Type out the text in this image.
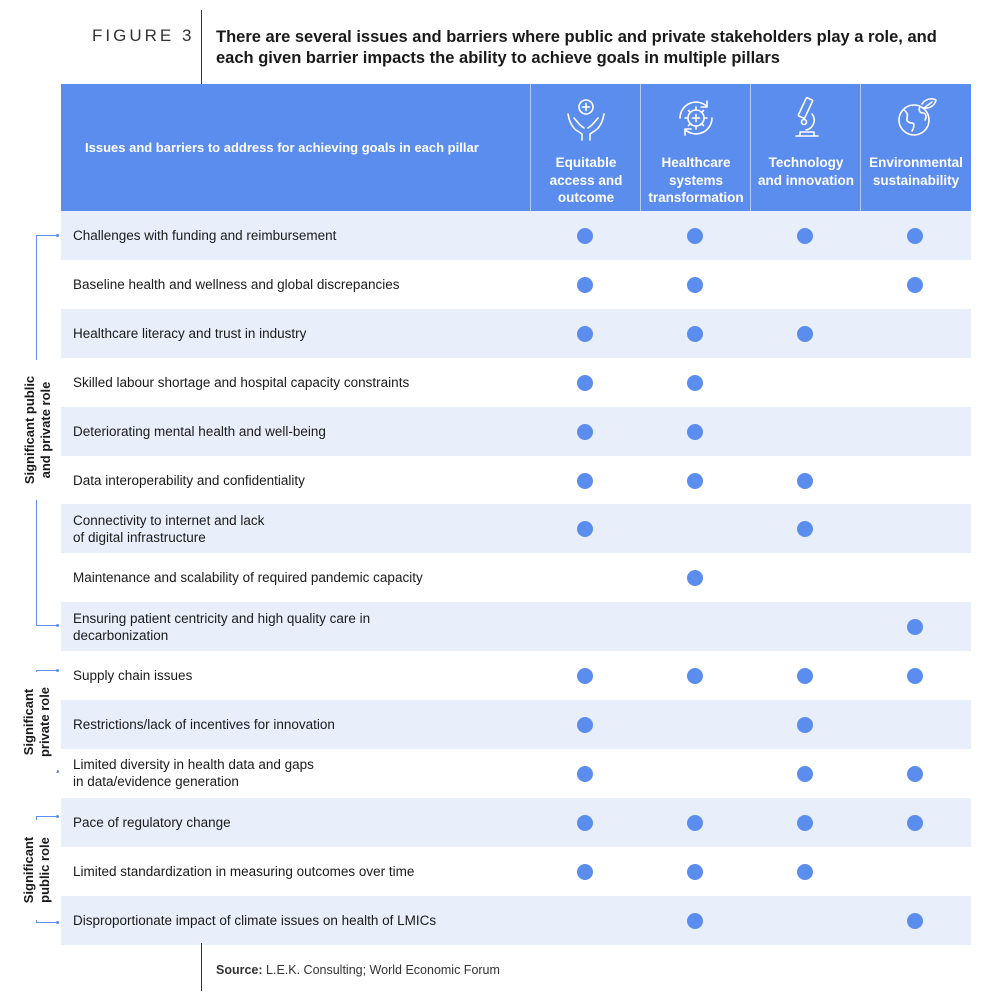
FIGURE 3 There are several issues and barriers where public and private stakeholders play a role, and each given barrier impacts the ability to achieve goals in multiple pillars
Issues and barriers to address for achieving goals in each pillar
Equitable
access and
outcome
Healthcare
systems
transformation
Technology
and innovation
Environmental
sustainability
Challenges with funding and reimbursement
Baseline health and wellness and global discrepancies
Healthcare literacy and trust in industry
Skilled labour shortage and hospital capacity constraints
Deteriorating mental health and well-being
Data interoperability and confidentiality
Connectivity to internet and lack
of digital infrastructure
Maintenance and scalability of required pandemic capacity
Ensuring patient centricity and high quality care in
decarbonization
Supply chain issues
Restrictions/lack of incentives for innovation
Limited diversity in health data and gaps
in data/evidence generation
Pace of regulatory change
Limited standardization in measuring outcomes over time
Disproportionate impact of climate issues on health of LMICs
Significant public and private role
Significant private role
Significant public role
Source: L.E.K. Consulting; World Economic Forum
